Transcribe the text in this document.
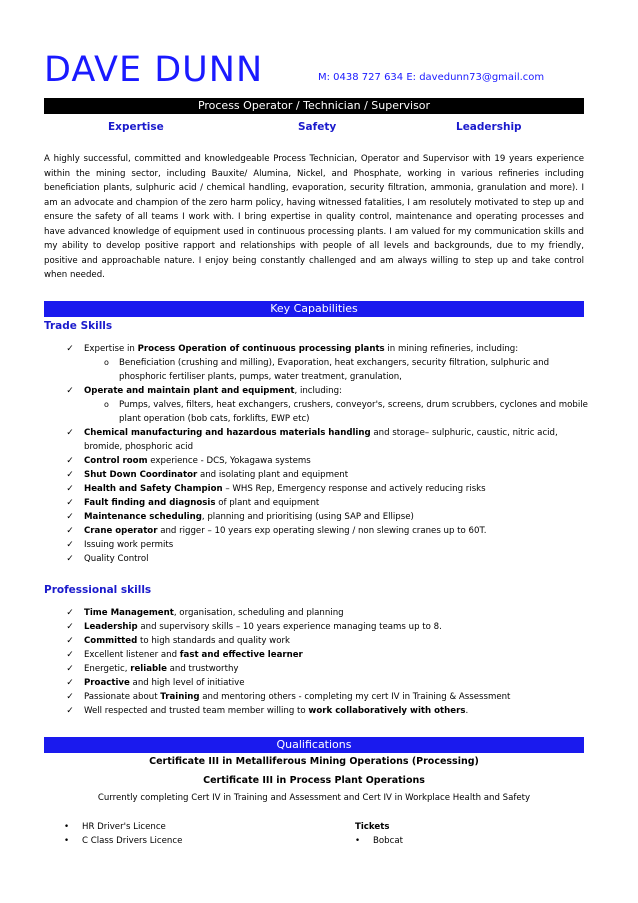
DAVE DUNN	M: 0438 727 634 E: davedunn73@gmail.com
Process Operator / Technician / Supervisor
Expertise	Safety	Leadership
A highly successful, committed and knowledgeable Process Technician, Operator and Supervisor with 19 years experience within the mining sector, including Bauxite/ Alumina, Nickel, and Phosphate, working in various refineries including beneficiation plants, sulphuric acid / chemical handling, evaporation, security filtration, ammonia, granulation and more). I am an advocate and champion of the zero harm policy, having witnessed fatalities, I am resolutely motivated to step up and ensure the safety of all teams I work with. I bring expertise in quality control, maintenance and operating processes and have advanced knowledge of equipment used in continuous processing plants. I am valued for my communication skills and my ability to develop positive rapport and relationships with people of all levels and backgrounds, due to my friendly, positive and approachable nature. I enjoy being constantly challenged and am always willing to step up and take control when needed.
Key Capabilities
Trade Skills
✓ Expertise in Process Operation of continuous processing plants in mining refineries, including:
o Beneficiation (crushing and milling), Evaporation, heat exchangers, security filtration, sulphuric and phosphoric fertiliser plants, pumps, water treatment, granulation,
✓ Operate and maintain plant and equipment, including:
o Pumps, valves, filters, heat exchangers, crushers, conveyor's, screens, drum scrubbers, cyclones and mobile plant operation (bob cats, forklifts, EWP etc)
✓ Chemical manufacturing and hazardous materials handling and storage– sulphuric, caustic, nitric acid, bromide, phosphoric acid
✓ Control room experience - DCS, Yokagawa systems
✓ Shut Down Coordinator and isolating plant and equipment
✓ Health and Safety Champion – WHS Rep, Emergency response and actively reducing risks
✓ Fault finding and diagnosis of plant and equipment
✓ Maintenance scheduling, planning and prioritising (using SAP and Ellipse)
✓ Crane operator and rigger – 10 years exp operating slewing / non slewing cranes up to 60T.
✓ Issuing work permits
✓ Quality Control
Professional skills
✓ Time Management, organisation, scheduling and planning
✓ Leadership and supervisory skills – 10 years experience managing teams up to 8.
✓ Committed to high standards and quality work
✓ Excellent listener and fast and effective learner
✓ Energetic, reliable and trustworthy
✓ Proactive and high level of initiative
✓ Passionate about Training and mentoring others - completing my cert IV in Training & Assessment
✓ Well respected and trusted team member willing to work collaboratively with others.
Qualifications
Certificate III in Metalliferous Mining Operations (Processing)
Certificate III in Process Plant Operations
Currently completing Cert IV in Training and Assessment and Cert IV in Workplace Health and Safety
• HR Driver's Licence
• C Class Drivers Licence
Tickets
• Bobcat
